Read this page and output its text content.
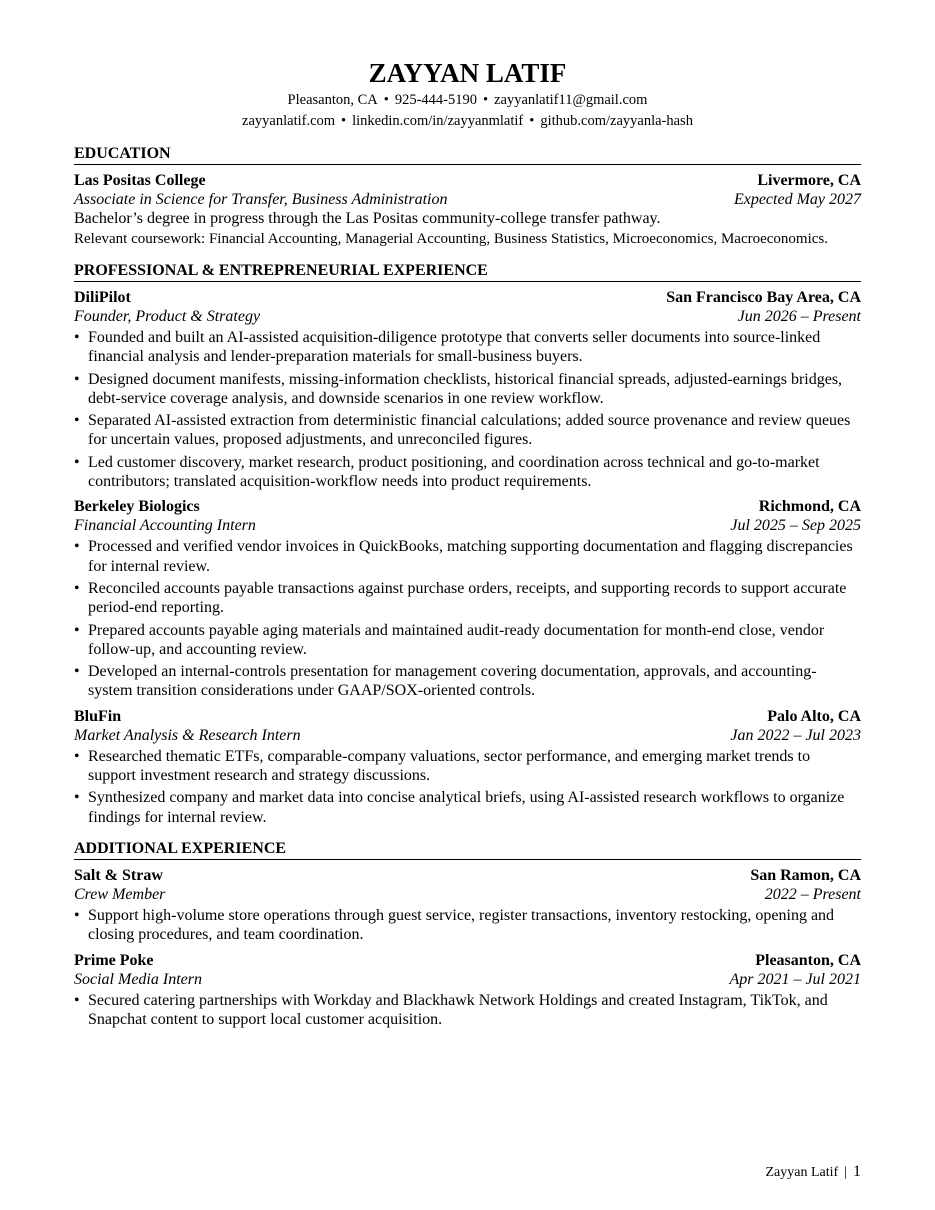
ZAYYAN LATIF
Pleasanton, CA • 925-444-5190 • zayyanlatif11@gmail.com
zayyanlatif.com • linkedin.com/in/zayyanmlatif • github.com/zayyanla-hash
EDUCATION
Las Positas College	Livermore, CA
Associate in Science for Transfer, Business Administration	Expected May 2027
Bachelor’s degree in progress through the Las Positas community-college transfer pathway.
Relevant coursework: Financial Accounting, Managerial Accounting, Business Statistics, Microeconomics, Macroeconomics.
PROFESSIONAL & ENTREPRENEURIAL EXPERIENCE
DiliPilot	San Francisco Bay Area, CA
Founder, Product & Strategy	Jun 2026 – Present
• Founded and built an AI-assisted acquisition-diligence prototype that converts seller documents into source-linked financial analysis and lender-preparation materials for small-business buyers.
• Designed document manifests, missing-information checklists, historical financial spreads, adjusted-earnings bridges, debt-service coverage analysis, and downside scenarios in one review workflow.
• Separated AI-assisted extraction from deterministic financial calculations; added source provenance and review queues for uncertain values, proposed adjustments, and unreconciled figures.
• Led customer discovery, market research, product positioning, and coordination across technical and go-to-market contributors; translated acquisition-workflow needs into product requirements.
Berkeley Biologics	Richmond, CA
Financial Accounting Intern	Jul 2025 – Sep 2025
• Processed and verified vendor invoices in QuickBooks, matching supporting documentation and flagging discrepancies for internal review.
• Reconciled accounts payable transactions against purchase orders, receipts, and supporting records to support accurate period-end reporting.
• Prepared accounts payable aging materials and maintained audit-ready documentation for month-end close, vendor follow-up, and accounting review.
• Developed an internal-controls presentation for management covering documentation, approvals, and accounting-system transition considerations under GAAP/SOX-oriented controls.
BluFin	Palo Alto, CA
Market Analysis & Research Intern	Jan 2022 – Jul 2023
• Researched thematic ETFs, comparable-company valuations, sector performance, and emerging market trends to support investment research and strategy discussions.
• Synthesized company and market data into concise analytical briefs, using AI-assisted research workflows to organize findings for internal review.
ADDITIONAL EXPERIENCE
Salt & Straw	San Ramon, CA
Crew Member	2022 – Present
• Support high-volume store operations through guest service, register transactions, inventory restocking, opening and closing procedures, and team coordination.
Prime Poke	Pleasanton, CA
Social Media Intern	Apr 2021 – Jul 2021
• Secured catering partnerships with Workday and Blackhawk Network Holdings and created Instagram, TikTok, and Snapchat content to support local customer acquisition.
Zayyan Latif | 1
